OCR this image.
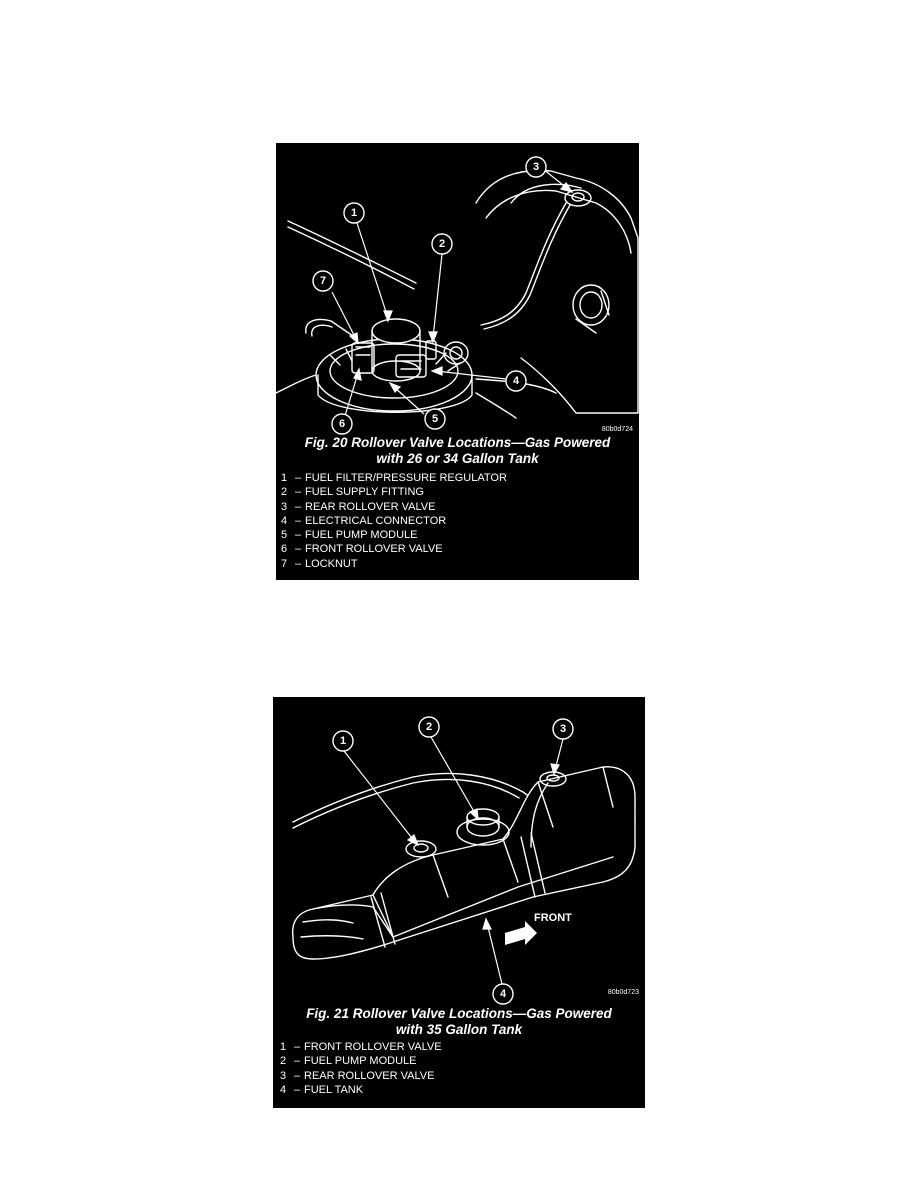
1
2
3
4
5
6
7
80b0d724
Fig. 20 Rollover Valve Locations—Gas Powered
with 26 or 34 Gallon Tank
1 – FUEL FILTER/PRESSURE REGULATOR
2 – FUEL SUPPLY FITTING
3 – REAR ROLLOVER VALVE
4 – ELECTRICAL CONNECTOR
5 – FUEL PUMP MODULE
6 – FRONT ROLLOVER VALVE
7 – LOCKNUT
1
2	3
4
FRONT
80b0d723
Fig. 21 Rollover Valve Locations—Gas Powered
with 35 Gallon Tank
1 – FRONT ROLLOVER VALVE
2 – FUEL PUMP MODULE
3 – REAR ROLLOVER VALVE
4 – FUEL TANK
